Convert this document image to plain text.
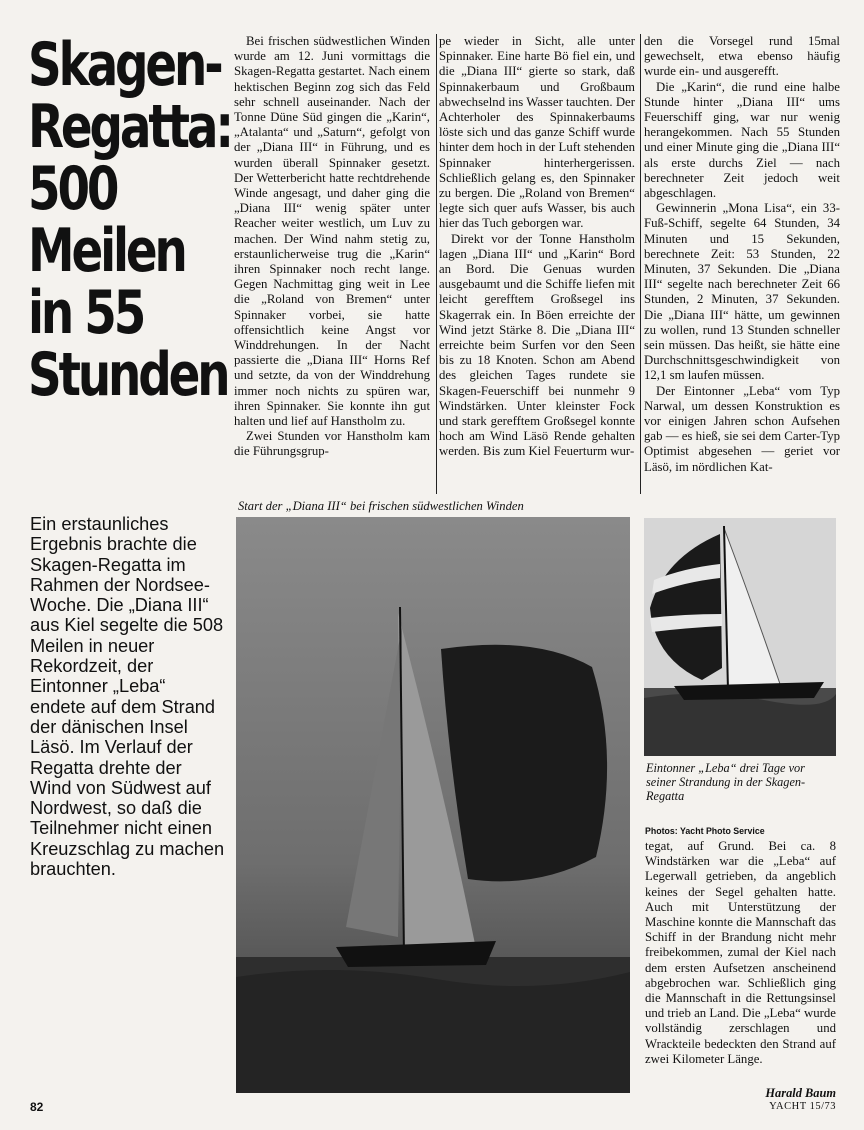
Skagen-
Regatta:
500
Meilen
in 55
Stunden
Ein erstaunliches Ergebnis brachte die Skagen-Regatta im Rahmen der Nordsee-Woche. Die „Diana III“ aus Kiel segelte die 508 Meilen in neuer Rekordzeit, der Eintonner „Leba“ endete auf dem Strand der dänischen Insel Läsö. Im Verlauf der Regatta drehte der Wind von Südwest auf Nordwest, so daß die Teilnehmer nicht einen Kreuzschlag zu machen brauchten.

Bei frischen südwestlichen Winden wurde am 12. Juni vormittags die Skagen-Regatta gestartet. Nach einem hektischen Beginn zog sich das Feld sehr schnell auseinander. Nach der Tonne Düne Süd gingen die „Karin“, „Atalanta“ und „Saturn“, gefolgt von der „Diana III“ in Führung, und es wurden überall Spinnaker gesetzt. Der Wetterbericht hatte rechtdrehende Winde angesagt, und daher ging die „Diana III“ wenig später unter Reacher weiter westlich, um Luv zu machen. Der Wind nahm stetig zu, erstaunlicherweise trug die „Karin“ ihren Spinnaker noch recht lange. Gegen Nachmittag ging weit in Lee die „Roland von Bremen“ unter Spinnaker vorbei, sie hatte offensichtlich keine Angst vor Winddrehungen. In der Nacht passierte die „Diana III“ Horns Ref und setzte, da von der Winddrehung immer noch nichts zu spüren war, ihren Spinnaker. Sie konnte ihn gut halten und lief auf Hanstholm zu.

Zwei Stunden vor Hanstholm kam die Führungsgrup-

pe wieder in Sicht, alle unter Spinnaker. Eine harte Bö fiel ein, und die „Diana III“ gierte so stark, daß Spinnakerbaum und Großbaum abwechselnd ins Wasser tauchten. Der Achterholer des Spinnakerbaums löste sich und das ganze Schiff wurde hinter dem hoch in der Luft stehenden Spinnaker hinterhergerissen. Schließlich gelang es, den Spinnaker zu bergen. Die „Roland von Bremen“ legte sich quer aufs Wasser, bis auch hier das Tuch geborgen war.

Direkt vor der Tonne Hanstholm lagen „Diana III“ und „Karin“ Bord an Bord. Die Genuas wurden ausgebaumt und die Schiffe liefen mit leicht gerefftem Großsegel ins Skagerrak ein. In Böen erreichte der Wind jetzt Stärke 8. Die „Diana III“ erreichte beim Surfen vor den Seen bis zu 18 Knoten. Schon am Abend des gleichen Tages rundete sie Skagen-Feuerschiff bei nunmehr 9 Windstärken. Unter kleinster Fock und stark gerefftem Großsegel konnte hoch am Wind Läsö Rende gehalten werden. Bis zum Kiel Feuerturm wur-

den die Vorsegel rund 15mal gewechselt, etwa ebenso häufig wurde ein- und ausgerefft.

Die „Karin“, die rund eine halbe Stunde hinter „Diana III“ ums Feuerschiff ging, war nur wenig herangekommen. Nach 55 Stunden und einer Minute ging die „Diana III“ als erste durchs Ziel — nach berechneter Zeit jedoch weit abgeschlagen.

Gewinnerin „Mona Lisa“, ein 33-Fuß-Schiff, segelte 64 Stunden, 34 Minuten und 15 Sekunden, berechnete Zeit: 53 Stunden, 22 Minuten, 37 Sekunden. Die „Diana III“ segelte nach berechneter Zeit 66 Stunden, 2 Minuten, 37 Sekunden. Die „Diana III“ hätte, um gewinnen zu wollen, rund 13 Stunden schneller sein müssen. Das heißt, sie hätte eine Durchschnittsgeschwindigkeit von 12,1 sm laufen müssen.

Der Eintonner „Leba“ vom Typ Narwal, um dessen Konstruktion es vor einigen Jahren schon Aufsehen gab — es hieß, sie sei dem Carter-Typ Optimist abgesehen — geriet vor Läsö, im nördlichen Kat-

Start der „Diana III“ bei frischen südwestlichen Winden
Eintonner „Leba“ drei Tage vor seiner Strandung in der Skagen-Regatta
Photos: Yacht Photo Service
tegat, auf Grund. Bei ca. 8 Windstärken war die „Leba“ auf Legerwall getrieben, da angeblich keines der Segel gehalten hatte. Auch mit Unterstützung der Maschine konnte die Mannschaft das Schiff in der Brandung nicht mehr freibekommen, zumal der Kiel nach dem ersten Aufsetzen anscheinend abgebrochen war. Schließlich ging die Mannschaft in die Rettungsinsel und trieb an Land. Die „Leba“ wurde vollständig zerschlagen und Wrackteile bedeckten den Strand auf zwei Kilometer Länge.
Harald Baum
82	YACHT 15/73
